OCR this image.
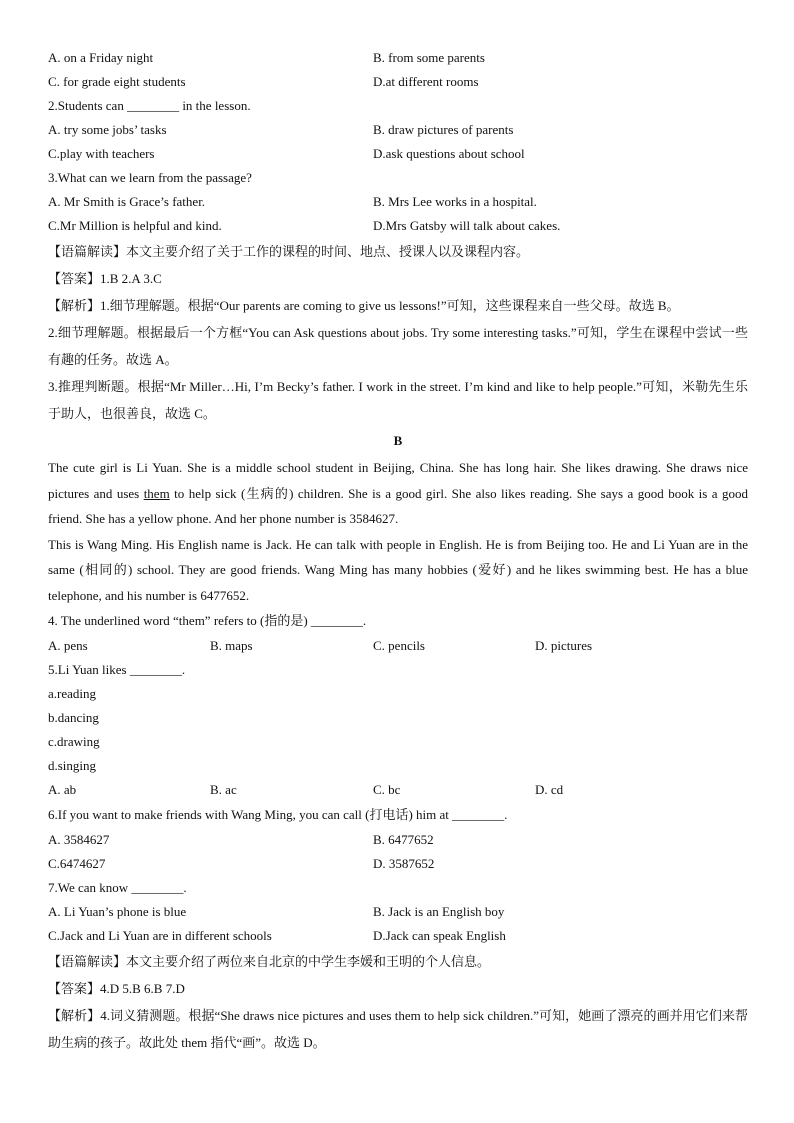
A. on a Friday night	B. from some parents
C. for grade eight students	D.at different rooms
2.Students can ________ in the lesson.
A. try some jobs’ tasks	B. draw pictures of parents
C.play with teachers	D.ask questions about school
3.What can we learn from the passage?
A. Mr Smith is Grace’s father.	B. Mrs Lee works in a hospital.
C.Mr Million is helpful and kind.	D.Mrs Gatsby will talk about cakes.
【语篇解读】本文主要介绍了关于工作的课程的时间、地点、授课人以及课程内容。
【答案】1.B 2.A 3.C

【解析】1.细节理解题。根据“Our parents are coming to give us lessons!”可知，这些课程来自一些父母。故选 B。

2.细节理解题。根据最后一个方框“You can Ask questions about jobs. Try some interesting tasks.”可知，学生在课程中尝试一些有趣的任务。故选 A。

3.推理判断题。根据“Mr Miller…Hi, I’m Becky’s father. I work in the street. I’m kind and like to help people.”可知，米勒先生乐于助人，也很善良，故选 C。

B

The cute girl is Li Yuan. She is a middle school student in Beijing, China. She has long hair. She likes drawing. She draws nice pictures and uses them to help sick (生病的) children. She is a good girl. She also likes reading. She says a good book is a good friend. She has a yellow phone. And her phone number is 3584627.

This is Wang Ming. His English name is Jack. He can talk with people in English. He is from Beijing too. He and Li Yuan are in the same (相同的) school. They are good friends. Wang Ming has many hobbies (爱好) and he likes swimming best. He has a blue telephone, and his number is 6477652.

4. The underlined word “them” refers to (指的是) ________.
A. pens	B. maps	C. pencils	D. pictures
5.Li Yuan likes ________.
a.reading
b.dancing
c.drawing
d.singing
A. ab	B. ac	C. bc	D. cd
6.If you want to make friends with Wang Ming, you can call (打电话) him at ________.
A. 3584627	B. 6477652
C.6474627	D. 3587652
7.We can know ________.
A. Li Yuan’s phone is blue	B. Jack is an English boy
C.Jack and Li Yuan are in different schools	D.Jack can speak English
【语篇解读】本文主要介绍了两位来自北京的中学生李媛和王明的个人信息。
【答案】4.D 5.B 6.B 7.D

【解析】4.词义猜测题。根据“She draws nice pictures and uses them to help sick children.”可知，她画了漂亮的画并用它们来帮助生病的孩子。故此处 them 指代“画”。故选 D。
